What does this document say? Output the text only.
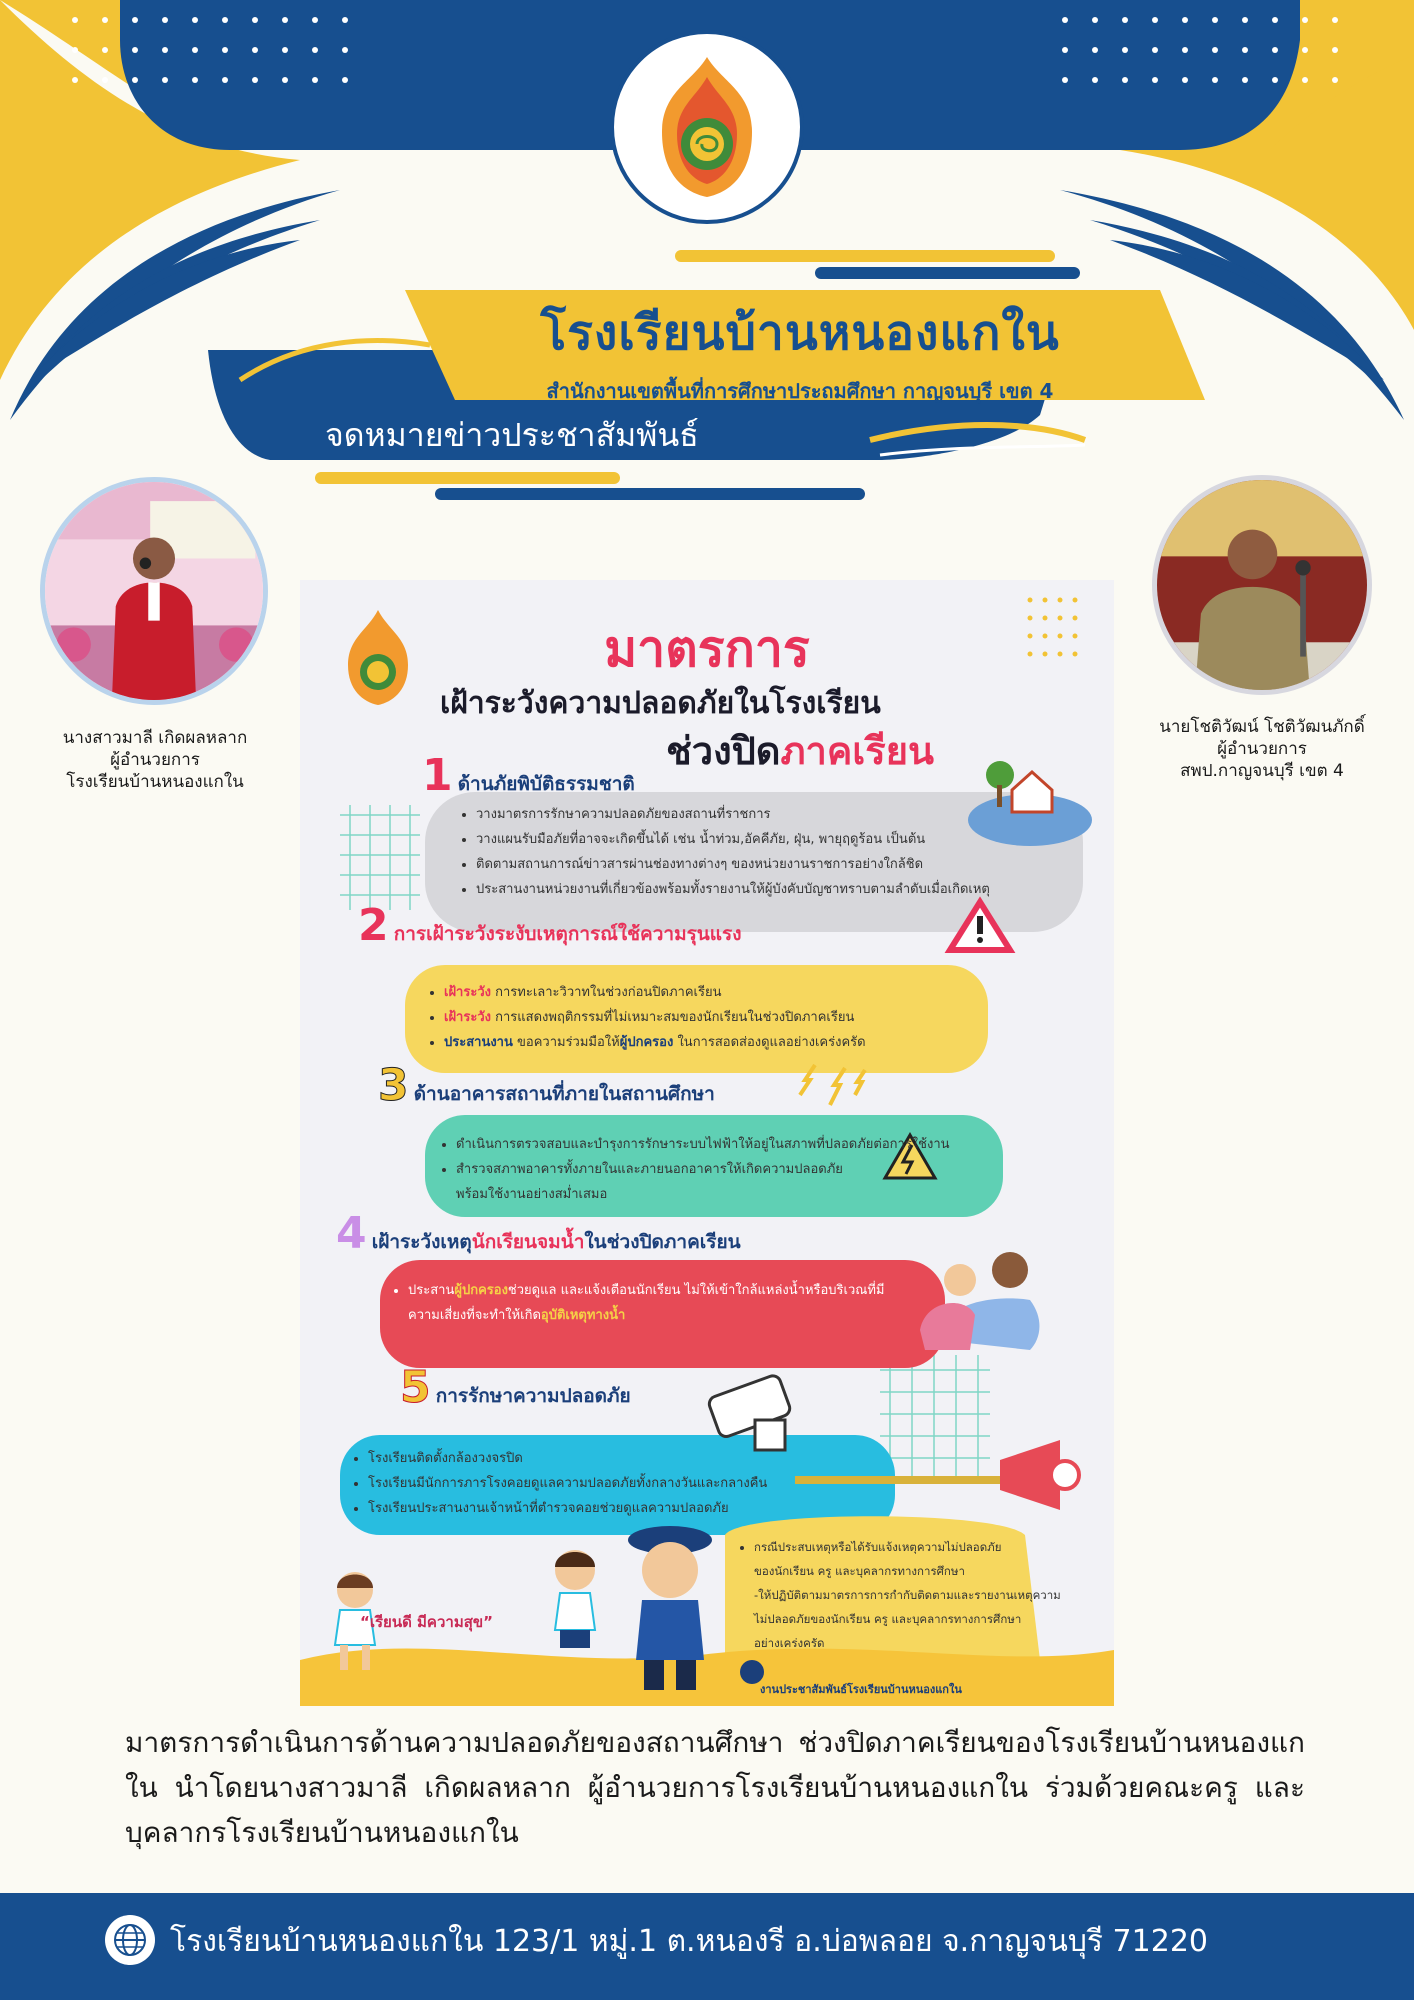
โรงเรียนบ้านหนองแกใน
สำนักงานเขตพื้นที่การศึกษาประถมศึกษา กาญจนบุรี เขต 4
จดหมายข่าวประชาสัมพันธ์
นางสาวมาลี เกิดผลหลาก
ผู้อำนวยการ
โรงเรียนบ้านหนองแกใน
นายโชติวัฒน์ โชติวัฒนภักดิ์
ผู้อำนวยการ
สพป.กาญจนบุรี เขต 4
มาตรการ
เฝ้าระวังความปลอดภัยในโรงเรียน
ช่วงปิดภาคเรียน
1 ด้านภัยพิบัติธรรมชาติ
• วางมาตรการรักษาความปลอดภัยของสถานที่ราชการ
• วางแผนรับมือภัยที่อาจจะเกิดขึ้นได้ เช่น น้ำท่วม,อัคคีภัย, ฝุ่น, พายุฤดูร้อน เป็นต้น
• ติดตามสถานการณ์ข่าวสารผ่านช่องทางต่างๆ ของหน่วยงานราชการอย่างใกล้ชิด
• ประสานงานหน่วยงานที่เกี่ยวข้องพร้อมทั้งรายงานให้ผู้บังคับบัญชาทราบตามลำดับเมื่อเกิดเหตุ
2 การเฝ้าระวังระงับเหตุการณ์ใช้ความรุนแรง
• เฝ้าระวัง การทะเลาะวิวาทในช่วงก่อนปิดภาคเรียน
• เฝ้าระวัง การแสดงพฤติกรรมที่ไม่เหมาะสมของนักเรียนในช่วงปิดภาคเรียน
• ประสานงาน ขอความร่วมมือให้ผู้ปกครอง ในการสอดส่องดูแลอย่างเคร่งครัด
3 ด้านอาคารสถานที่ภายในสถานศึกษา
• ดำเนินการตรวจสอบและบำรุงการรักษาระบบไฟฟ้าให้อยู่ในสภาพที่ปลอดภัยต่อการใช้งาน
• สำรวจสภาพอาคารทั้งภายในและภายนอกอาคารให้เกิดความปลอดภัย
พร้อมใช้งานอย่างสม่ำเสมอ
4 เฝ้าระวังเหตุนักเรียนจมน้ำในช่วงปิดภาคเรียน
• ประสานผู้ปกครองช่วยดูแล และแจ้งเตือนนักเรียน ไม่ให้เข้าใกล้แหล่งน้ำหรือบริเวณที่มี
ความเสี่ยงที่จะทำให้เกิดอุบัติเหตุทางน้ำ
5 การรักษาความปลอดภัย
• โรงเรียนติดตั้งกล้องวงจรปิด
• โรงเรียนมีนักการภารโรงคอยดูแลความปลอดภัยทั้งกลางวันและกลางคืน
• โรงเรียนประสานงานเจ้าหน้าที่ตำรวจคอยช่วยดูแลความปลอดภัย
• กรณีประสบเหตุหรือได้รับแจ้งเหตุความไม่ปลอดภัย
ของนักเรียน ครู และบุคลากรทางการศึกษา
-ให้ปฏิบัติตามมาตรการการกำกับติดตามและรายงานเหตุความ
ไม่ปลอดภัยของนักเรียน ครู และบุคลากรทางการศึกษา
อย่างเคร่งครัด
“เรียนดี มีความสุข”
งานประชาสัมพันธ์โรงเรียนบ้านหนองแกใน

มาตรการดำเนินการด้านความปลอดภัยของสถานศึกษา ช่วงปิดภาคเรียนของโรงเรียนบ้านหนองแกใน นำโดยนางสาวมาลี เกิดผลหลาก ผู้อำนวยการโรงเรียนบ้านหนองแกใน ร่วมด้วยคณะครู และบุคลากรโรงเรียนบ้านหนองแกใน

โรงเรียนบ้านหนองแกใน 123/1 หมู่.1 ต.หนองรี อ.บ่อพลอย จ.กาญจนบุรี 71220
